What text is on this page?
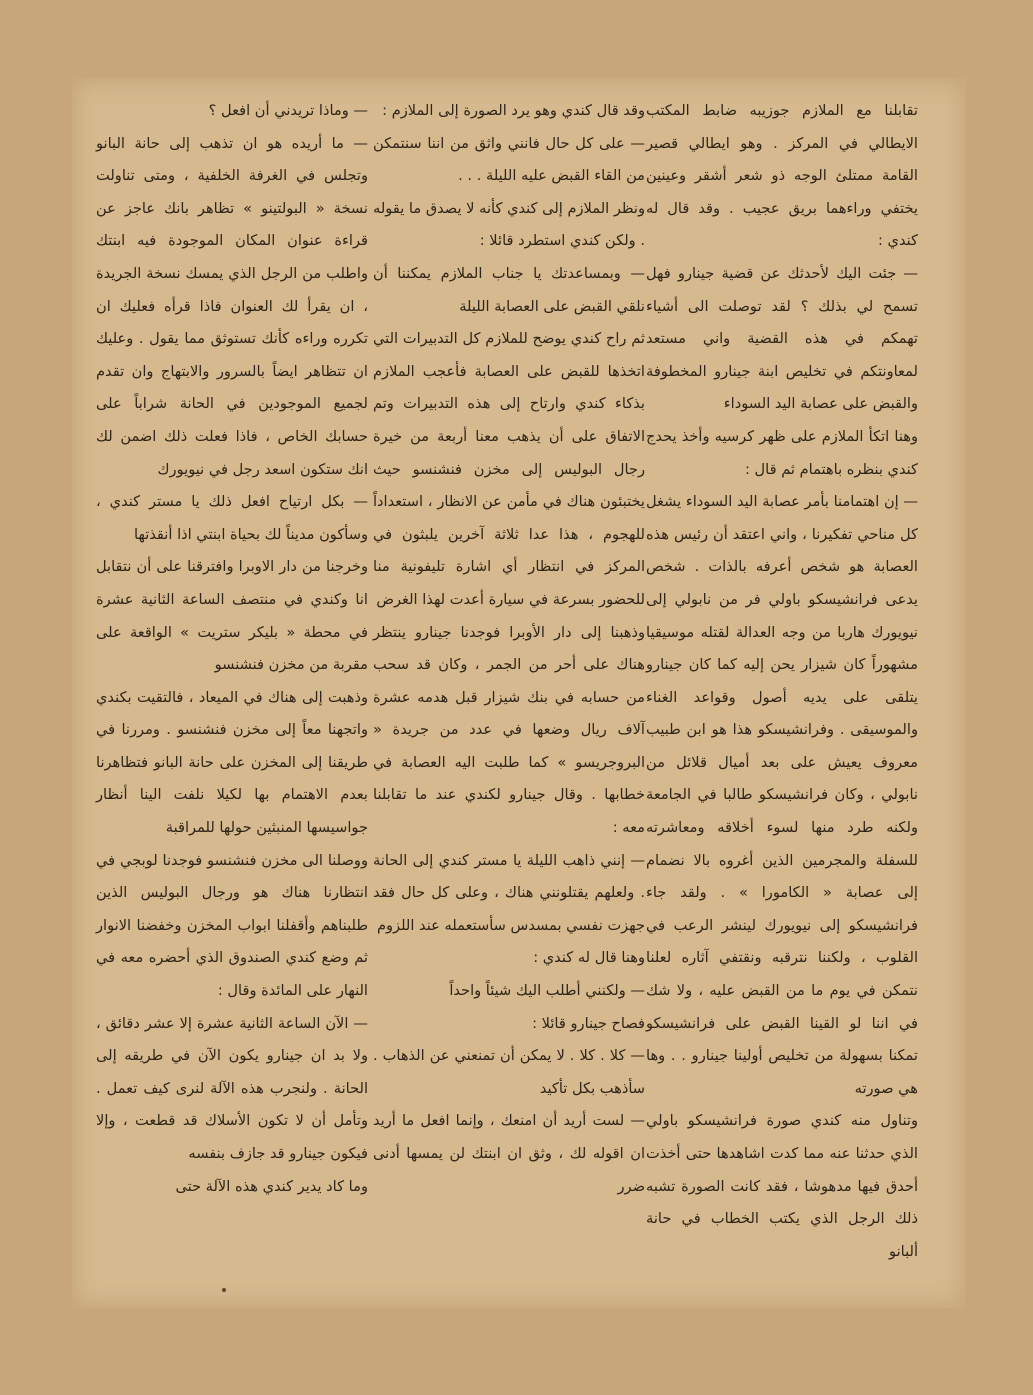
تقابلنا مع الملازم جوزيبه ضابط المكتب الايطالي في المركز . وهو ايطالي قصير القامة ممتلئ الوجه ذو شعر أشقر وعينين يختفي وراءهما بريق عجيب . وقد قال له كندي :

— جئت اليك لأحدثك عن قضية جينارو فهل تسمح لي بذلك ؟ لقد توصلت الى أشياء تهمكم في هذه القضية واني مستعد لمعاونتكم في تخليص ابنة جينارو المخطوفة والقبض على عصابة اليد السوداء

وهنا اتكأ الملازم على ظهر كرسيه وأخذ يحدج كندي بنظره باهتمام ثم قال :

— إن اهتمامنا بأمر عصابة اليد السوداء يشغل كل مناحي تفكيرنا ، واني اعتقد أن رئيس هذه العصابة هو شخص أعرفه بالذات . شخص يدعى فرانشيسكو باولي فر من نابولي إلى نيويورك هاربا من وجه العدالة لقتله موسيقيا مشهوراً كان شيزار يحن إليه كما كان جينارو يتلقى على يديه أصول وقواعد الغناء والموسيقى . وفرانشيسكو هذا هو ابن طبيب معروف يعيش على بعد أميال قلائل من نابولي ، وكان فرانشيسكو طالبا في الجامعة ولكنه طرد منها لسوء أخلاقه ومعاشرته للسفلة والمجرمين الذين أغروه بالا نضمام إلى عصابة « الكامورا » . ولقد جاء فرانشيسكو إلى نيويورك لينشر الرعب في القلوب ، ولكننا نترقبه ونقتفي آثاره لعلنا نتمكن في يوم ما من القبض عليه ، ولا شك في اننا لو القينا القبض على فرانشيسكو تمكنا بسهولة من تخليص أولينا جينارو . . وها هي صورته

وتناول منه كندي صورة فرانشيسكو باولي الذي حدثنا عنه مما كدت اشاهدها حتى أخذت أحدق فيها مدهوشا ، فقد كانت الصورة تشبه ذلك الرجل الذي يكتب الخطاب في حانة ألبانو

وقد قال كندي وهو يرد الصورة إلى الملازم :

— على كل حال فانني واثق من اننا سنتمكن من القاء القبض عليه الليلة . . .

ونظر الملازم إلى كندي كأنه لا يصدق ما يقوله . ولكن كندي استطرد قائلا :

— وبمساعدتك يا جناب الملازم يمكننا أن نلقي القبض على العصابة الليلة

ثم راح كندي يوضح للملازم كل التدبيرات التي اتخذها للقبض على العصابة فأعجب الملازم بذكاء كندي وارتاح إلى هذه التدبيرات وتم الاتفاق على أن يذهب معنا أربعة من خيرة رجال البوليس إلى مخزن فنشنسو حيث يختبئون هناك في مأمن عن الانظار ، استعداداً للهجوم ، هذا عدا ثلاثة آخرين يلبثون في المركز في انتظار أي اشارة تليفونية منا للحضور بسرعة في سيارة أعدت لهذا الغرض

وذهبنا إلى دار الأوبرا فوجدنا جينارو ينتظر هناك على أحر من الجمر ، وكان قد سحب من حسابه في بنك شيزار قبل هدمه عشرة آلاف ريال وضعها في عدد من جريدة « البروجريسو » كما طلبت اليه العصابة في خطابها . وقال جينارو لكندي عند ما تقابلنا معه :

— إنني ذاهب الليلة يا مستر كندي إلى الحانة . ولعلهم يقتلونني هناك ، وعلى كل حال فقد جهزت نفسي بمسدس سأستعمله عند اللزوم

وهنا قال له كندي :

— ولكنني أطلب اليك شيئاً واحداً

فصاح جينارو قائلا :

— كلا . كلا . لا يمكن أن تمنعني عن الذهاب . سأذهب بكل تأكيد

— لست أريد أن امنعك ، وإنما افعل ما أريد ان اقوله لك ، وثق ان ابنتك لن يمسها أدنى ضرر

— وماذا تريدني أن افعل ؟

— ما أريده هو ان تذهب إلى حانة البانو وتجلس في الغرفة الخلفية ، ومتى تناولت نسخة « البولتينو » تظاهر بانك عاجز عن قراءة عنوان المكان الموجودة فيه ابنتك واطلب من الرجل الذي يمسك نسخة الجريدة ، ان يقرأ لك العنوان فاذا قرأه فعليك ان تكرره وراءه كأنك تستوثق مما يقول . وعليك ان تتظاهر ايضاً بالسرور والابتهاج وان تقدم لجميع الموجودين في الحانة شراباً على حسابك الخاص ، فاذا فعلت ذلك اضمن لك انك ستكون اسعد رجل في نيويورك

— بكل ارتياح افعل ذلك يا مستر كندي ، وسأكون مديناً لك بحياة ابنتي اذا أنقذتها

وخرجنا من دار الاوبرا وافترقنا على أن نتقابل انا وكندي في منتصف الساعة الثانية عشرة في محطة « بليكر ستريت » الواقعة على مقربة من مخزن فنشنسو

وذهبت إلى هناك في الميعاد ، فالتقيت بكندي واتجهنا معاً إلى مخزن فنشنسو . ومررنا في طريقنا إلى المخزن على حانة البانو فتظاهرنا بعدم الاهتمام بها لكيلا نلفت الينا أنظار جواسيسها المنبثين حولها للمراقبة

ووصلنا الى مخزن فنشنسو فوجدنا لوبجي في انتظارنا هناك هو ورجال البوليس الذين طلبناهم وأقفلنا ابواب المخزن وخفضنا الانوار ثم وضع كندي الصندوق الذي أحضره معه في النهار على المائدة وقال :

— الآن الساعة الثانية عشرة إلا عشر دقائق ، ولا بد ان جينارو يكون الآن في طريقه إلى الحانة . ولنجرب هذه الآلة لنرى كيف تعمل . وتأمل أن لا تكون الأسلاك قد قطعت ، وإلا فيكون جينارو قد جازف بنفسه

وما كاد يدير كندي هذه الآلة حتى
